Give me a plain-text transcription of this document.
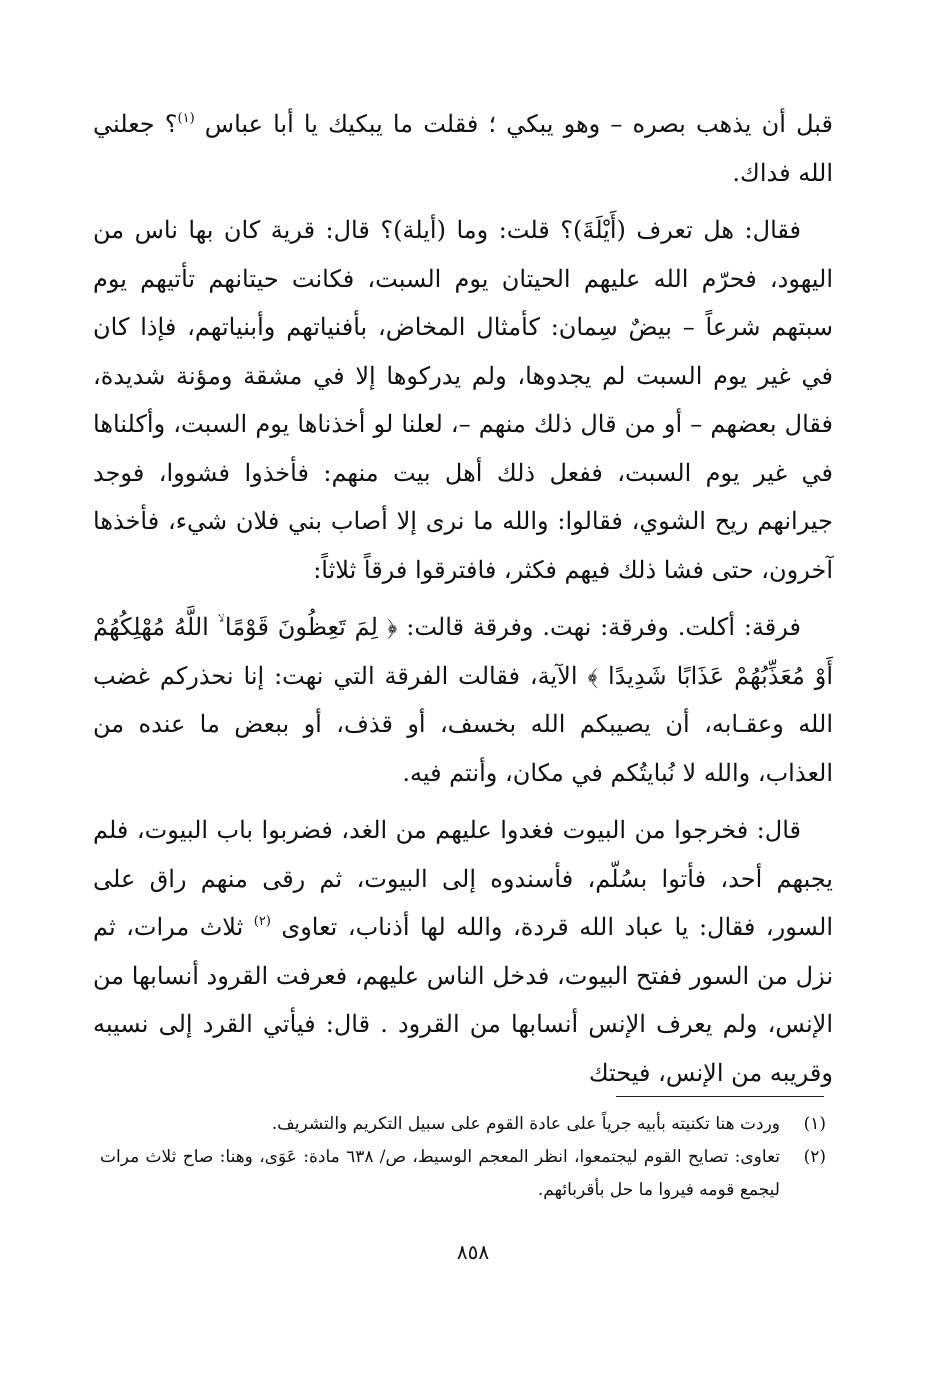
قبل أن يذهب بصره – وهو يبكي ؛ فقلت ما يبكيك يا أبا عباس $^{(١)}$؟ جعلني الله فداك.

فقال: هل تعرف (أَيْلَةَ)؟ قلت: وما (أيلة)؟ قال: قرية كان بها ناس من اليهود، فحرّم الله عليهم الحيتان يوم السبت، فكانت حيتانهم تأتيهم يوم سبتهم شرعاً – بيضٌ سِمان: كأمثال المخاض، بأفنياتهم وأبنياتهم، فإذا كان في غير يوم السبت لم يجدوها، ولم يدركوها إلا في مشقة ومؤنة شديدة، فقال بعضهم – أو من قال ذلك منهم –، لعلنا لو أخذناها يوم السبت، وأكلناها في غير يوم السبت، ففعل ذلك أهل بيت منهم: فأخذوا فشووا، فوجد جيرانهم ريح الشوي، فقالوا: والله ما نرى إلا أصاب بني فلان شيء، فأخذها آخرون، حتى فشا ذلك فيهم فكثر، فافترقوا فرقاً ثلاثاً:

فرقة: أكلت. وفرقة: نهت. وفرقة قالت: ﴿ لِمَ تَعِظُونَ قَوْمًا ۙ اللَّهُ مُهْلِكُهُمْ أَوْ مُعَذِّبُهُمْ عَذَابًا شَدِيدًا ﴾ الآية، فقالت الفرقة التي نهت: إنا نحذركم غضب الله وعقـابه، أن يصيبكم الله بخسف، أو قذف، أو ببعض ما عنده من العذاب، والله لا نُبايتُكم في مكان، وأنتم فيه.

قال: فخرجوا من البيوت فغدوا عليهم من الغد، فضربوا باب البيوت، فلم يجبهم أحد، فأتوا بسُلّم، فأسندوه إلى البيوت، ثم رقى منهم راق على السور، فقال: يا عباد الله قردة، والله لها أذناب، تعاوى $^{(٢)}$ ثلاث مرات، ثم نزل من السور ففتح البيوت، فدخل الناس عليهم، فعرفت القرود أنسابها من الإنس، ولم يعرف الإنس أنسابها من القرود . قال: فيأتي القرد إلى نسيبه وقريبه من الإنس، فيحتك

(١)
وردت هنا تكنيته بأبيه جرياً على عادة القوم على سبيل التكريم والتشريف.

(٢)
تعاوى: تصايح القوم ليجتمعوا، انظر المعجم الوسيط، ص/ ٦٣٨ مادة: عَوَى، وهنا: صاح ثلاث مرات ليجمع قومه فيروا ما حل بأقربائهم.

٨٥٨
